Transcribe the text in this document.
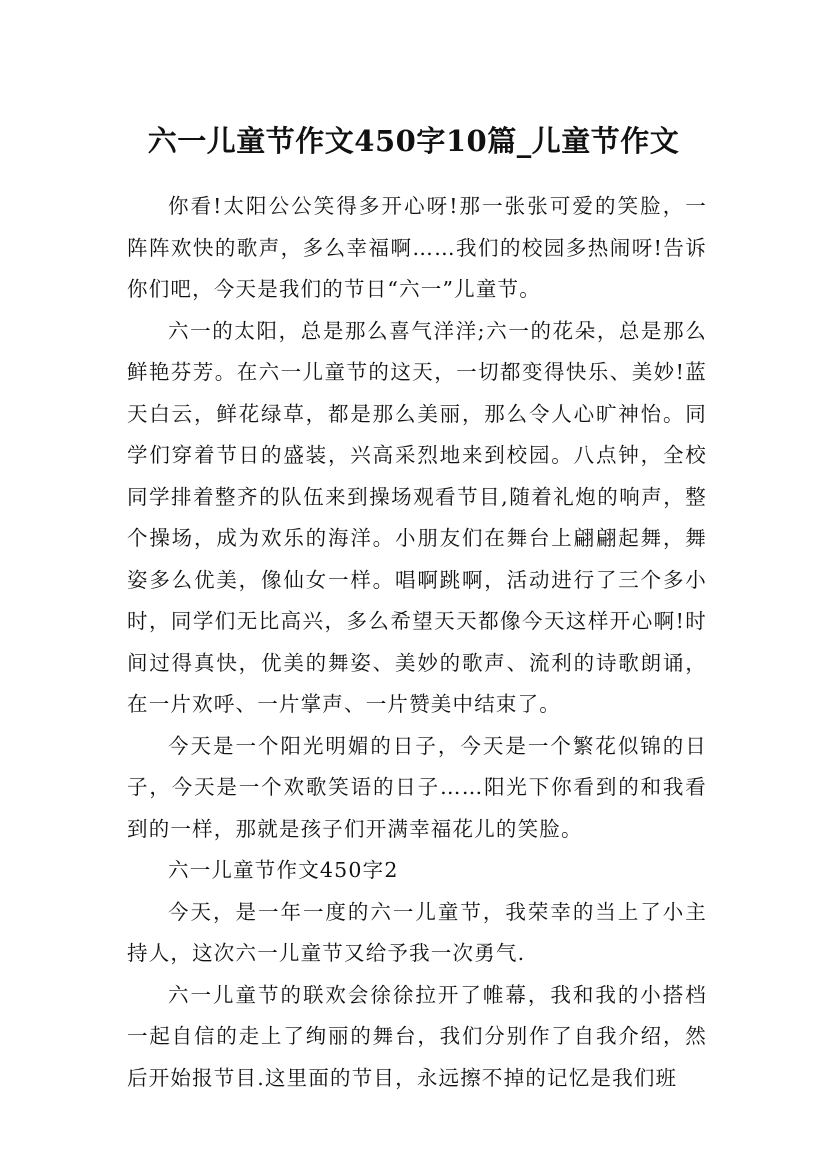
六一儿童节作文450字10篇_儿童节作文

你看!太阳公公笑得多开心呀!那一张张可爱的笑脸，一阵阵欢快的歌声，多么幸福啊……我们的校园多热闹呀!告诉你们吧，今天是我们的节日“六一”儿童节。

六一的太阳，总是那么喜气洋洋;六一的花朵，总是那么鲜艳芬芳。在六一儿童节的这天，一切都变得快乐、美妙!蓝天白云，鲜花绿草，都是那么美丽，那么令人心旷神怡。同学们穿着节日的盛装，兴高采烈地来到校园。八点钟，全校同学排着整齐的队伍来到操场观看节目,随着礼炮的响声，整个操场，成为欢乐的海洋。小朋友们在舞台上翩翩起舞，舞姿多么优美，像仙女一样。唱啊跳啊，活动进行了三个多小时，同学们无比高兴，多么希望天天都像今天这样开心啊!时间过得真快，优美的舞姿、美妙的歌声、流利的诗歌朗诵，在一片欢呼、一片掌声、一片赞美中结束了。

今天是一个阳光明媚的日子，今天是一个繁花似锦的日子，今天是一个欢歌笑语的日子……阳光下你看到的和我看到的一样，那就是孩子们开满幸福花儿的笑脸。

六一儿童节作文450字2

今天，是一年一度的六一儿童节，我荣幸的当上了小主持人，这次六一儿童节又给予我一次勇气.

六一儿童节的联欢会徐徐拉开了帷幕，我和我的小搭档一起自信的走上了绚丽的舞台，我们分别作了自我介绍，然后开始报节目.这里面的节目，永远擦不掉的记忆是我们班
